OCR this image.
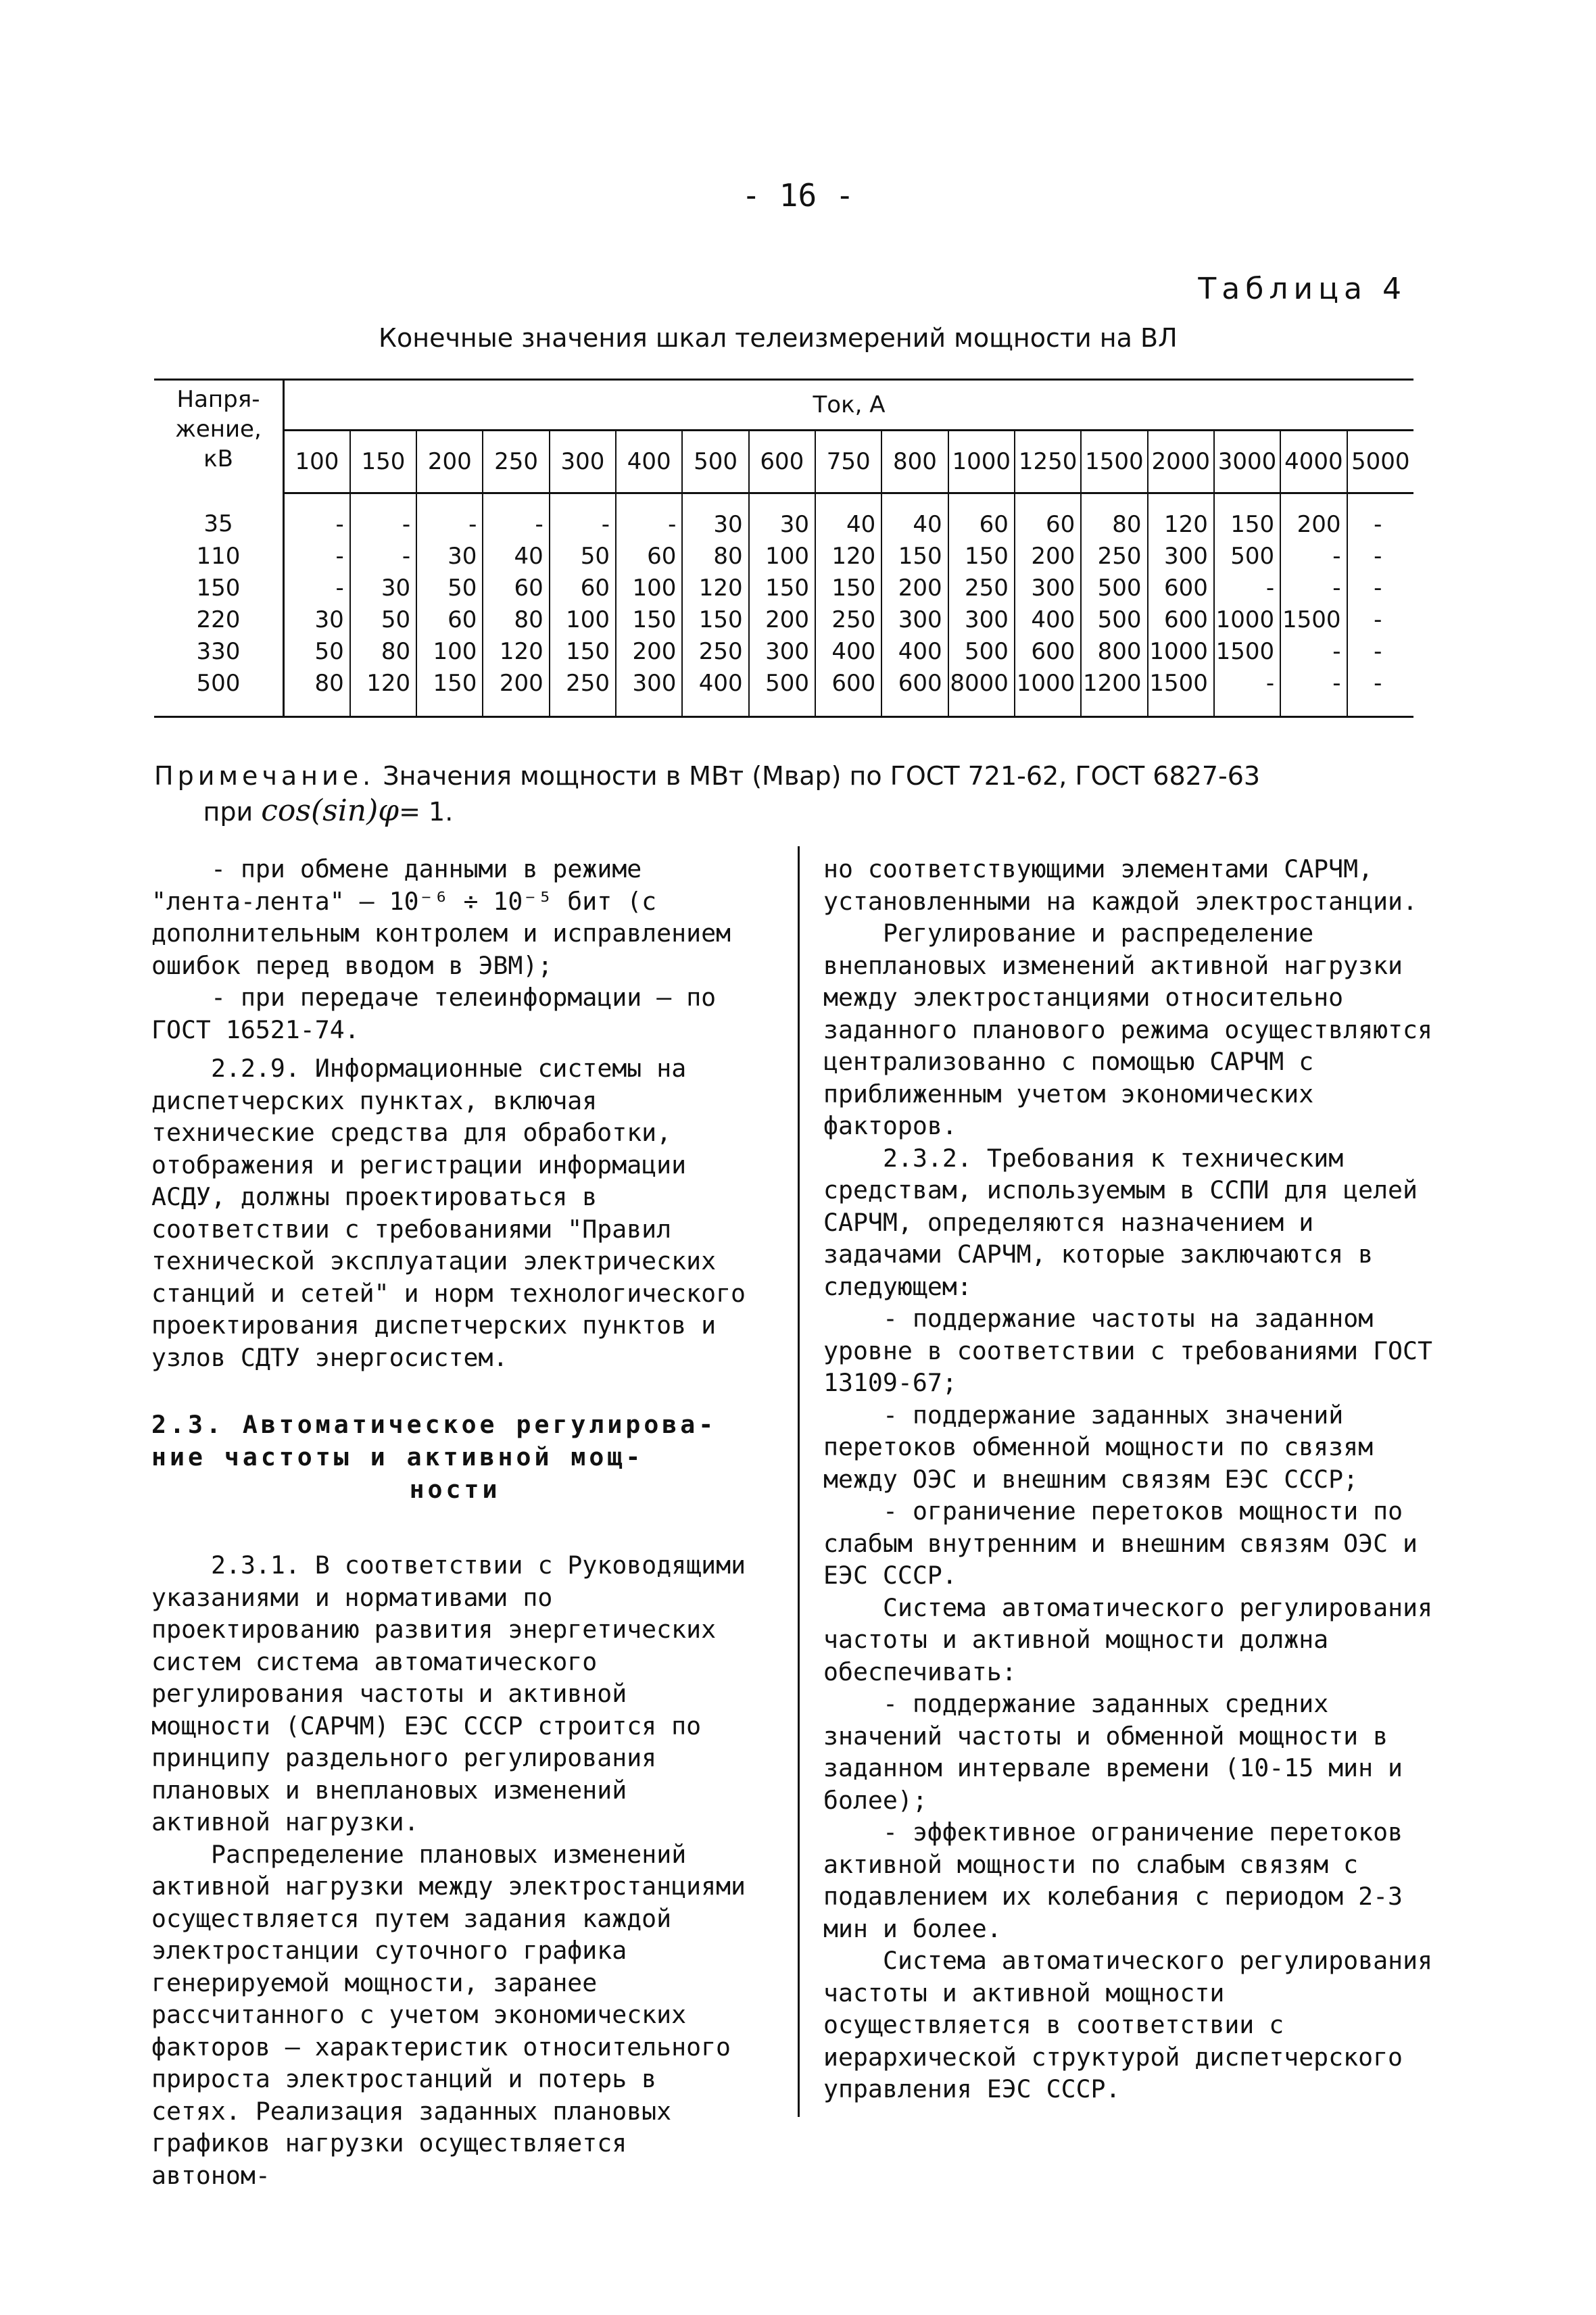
- 16 -
Таблица 4
Конечные значения шкал телеизмерений мощности на ВЛ
Напря-
жение,
кВ	Ток, А																
	100	150	200	250	300	400	500	600	750	800	1000	1250	1500	2000	3000	4000	5000
35	-	-	-	-	-	-	30	30	40	40	60	60	80	120	150	200	-
110	-	-	30	40	50	60	80	100	120	150	150	200	250	300	500	-	-
150	-	30	50	60	60	100	120	150	150	200	250	300	500	600	-	-	-
220	30	50	60	80	100	150	150	200	250	300	300	400	500	600	1000	1500	-
330	50	80	100	120	150	200	250	300	400	400	500	600	800	1000	1500	-	-
500	80	120	150	200	250	300	400	500	600	600	8000	1000	1200	1500	-	-	-
Примечание. Значения мощности в МВт (Мвар) по ГОСТ 721-62, ГОСТ 6827-63
при cos(sin)φ= 1.

- при обмене данными в режиме "лента-лента" — 10⁻⁶ ÷ 10⁻⁵ бит (с дополнительным контролем и исправлением ошибок перед вводом в ЭВМ);

- при передаче телеинформации — по ГОСТ 16521-74.

2.2.9. Информационные системы на диспетчерских пунктах, включая технические средства для обработки, отображения и регистрации информации АСДУ, должны проектироваться в соответствии с требованиями "Правил технической эксплуатации электрических станций и сетей" и норм технологического проектирования диспетчерских пунктов и узлов СДТУ энергосистем.

2.3. Автоматическое регулирова-
ние частоты и активной мощ-
ности

2.3.1. В соответствии с Руководящими указаниями и нормативами по проектированию развития энергетических систем система автоматического регулирования частоты и активной мощности (САРЧМ) ЕЭС СССР строится по принципу раздельного регулирования плановых и внеплановых изменений активной нагрузки.

Распределение плановых изменений активной нагрузки между электростанциями осуществляется путем задания каждой электростанции суточного графика генерируемой мощности, заранее рассчитанного с учетом экономических факторов — характеристик относительного прироста электростанций и потерь в сетях. Реализация заданных плановых графиков нагрузки осуществляется автоном-

но соответствующими элементами САРЧМ, установленными на каждой электростанции.

Регулирование и распределение внеплановых изменений активной нагрузки между электростанциями относительно заданного планового режима осуществляются централизованно с помощью САРЧМ с приближенным учетом экономических факторов.

2.3.2. Требования к техническим средствам, используемым в ССПИ для целей САРЧМ, определяются назначением и задачами САРЧМ, которые заключаются в следующем:

- поддержание частоты на заданном уровне в соответствии с требованиями ГОСТ 13109-67;

- поддержание заданных значений перетоков обменной мощности по связям между ОЭС и внешним связям ЕЭС СССР;

- ограничение перетоков мощности по слабым внутренним и внешним связям ОЭС и ЕЭС СССР.

Система автоматического регулирования частоты и активной мощности должна обеспечивать:

- поддержание заданных средних значений частоты и обменной мощности в заданном интервале времени (10-15 мин и более);

- эффективное ограничение перетоков активной мощности по слабым связям с подавлением их колебания с периодом 2-3 мин и более.

Система автоматического регулирования частоты и активной мощности осуществляется в соответствии с иерархической структурой диспетчерского управления ЕЭС СССР.
